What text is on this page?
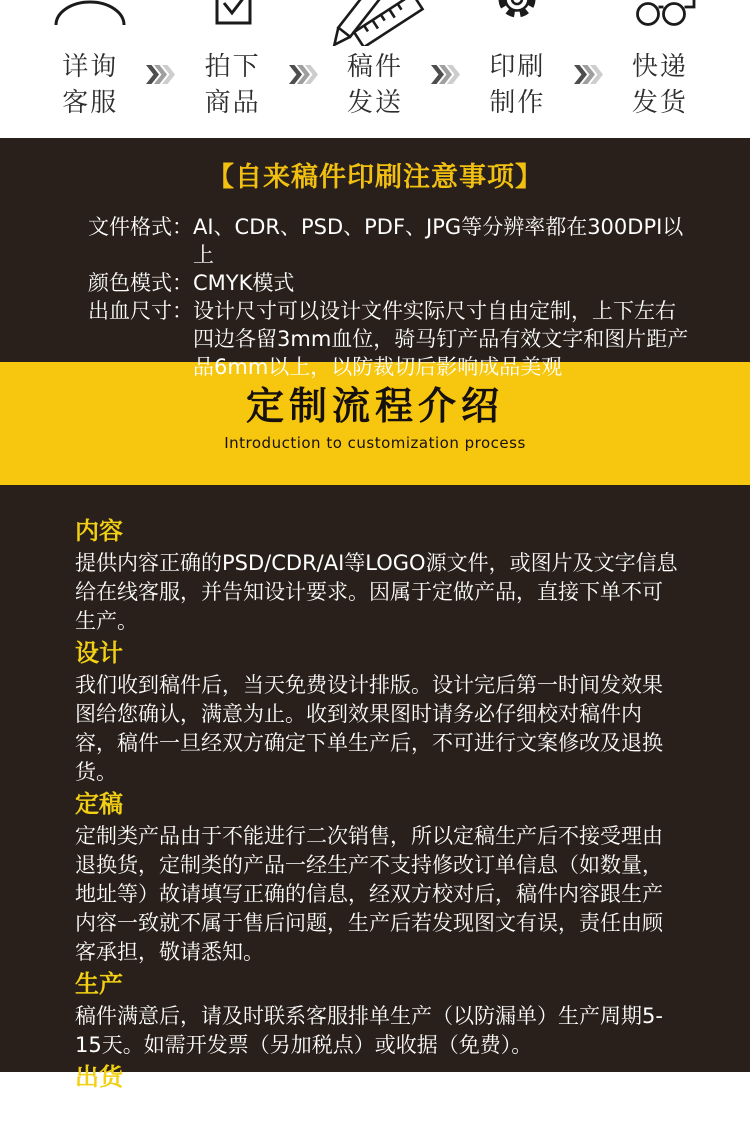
详询
客服
拍下
商品
稿件
发送
印刷
制作
快递
发货
【自来稿件印刷注意事项】
文件格式： AI、CDR、PSD、PDF、JPG等分辨率都在300DPI以上
颜色模式： CMYK模式
出血尺寸： 设计尺寸可以设计文件实际尺寸自由定制，上下左右四边各留3mm血位，骑马钉产品有效文字和图片距产品6mm以上，以防裁切后影响成品美观
定制流程介绍
Introduction to customization process
内容
提供内容正确的PSD/CDR/AI等LOGO源文件，或图片及文字信息给在线客服，并告知设计要求。因属于定做产品，直接下单不可生产。
设计
我们收到稿件后，当天免费设计排版。设计完后第一时间发效果图给您确认，满意为止。收到效果图时请务必仔细校对稿件内容，稿件一旦经双方确定下单生产后，不可进行文案修改及退换货。
定稿
定制类产品由于不能进行二次销售，所以定稿生产后不接受理由退换货，定制类的产品一经生产不支持修改订单信息（如数量，地址等）故请填写正确的信息，经双方校对后，稿件内容跟生产内容一致就不属于售后问题，生产后若发现图文有误，责任由顾客承担，敬请悉知。
生产
稿件满意后，请及时联系客服排单生产（以防漏单）生产周期5-15天。如需开发票（另加税点）或收据（免费）。
出货
与客服联系
